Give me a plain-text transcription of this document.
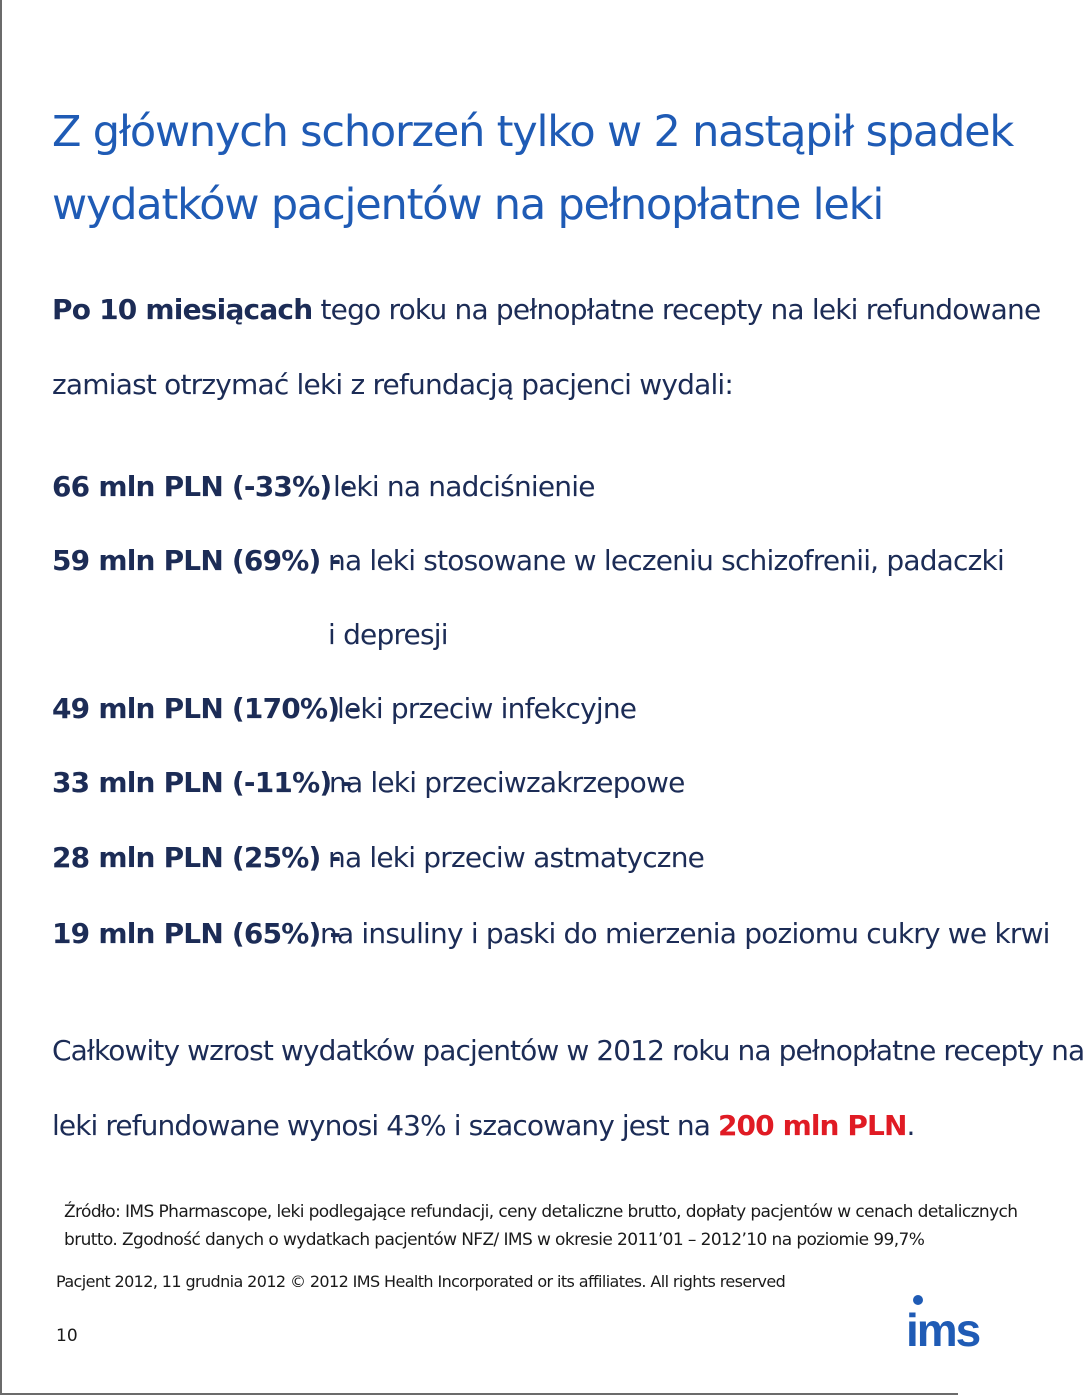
Z głównych schorzeń tylko w 2 nastąpił spadek
wydatków pacjentów na pełnopłatne leki
Po 10 miesiącach tego roku na pełnopłatne recepty na leki refundowane
zamiast otrzymać leki z refundacją pacjenci wydali:
66 mln PLN (-33%) -
leki na nadciśnienie
59 mln PLN (69%) -
na leki stosowane w leczeniu schizofrenii, padaczki
i depresji
49 mln PLN (170%) -
leki przeciw infekcyjne
33 mln PLN (-11%) -
na leki przeciwzakrzepowe
28 mln PLN (25%) -
na leki przeciw astmatyczne
19 mln PLN (65%) -
na insuliny i paski do mierzenia poziomu cukry we krwi
Całkowity wzrost wydatków pacjentów w 2012 roku na pełnopłatne recepty na
leki refundowane wynosi 43% i szacowany jest na 200 mln PLN.
Źródło: IMS Pharmascope, leki podlegające refundacji, ceny detaliczne brutto, dopłaty pacjentów w cenach detalicznych
brutto. Zgodność danych o wydatkach pacjentów NFZ/ IMS w okresie 2011’01 – 2012’10 na poziomie 99,7%
Pacjent 2012, 11 grudnia 2012 © 2012 IMS Health Incorporated or its affiliates. All rights reserved
10	ims
